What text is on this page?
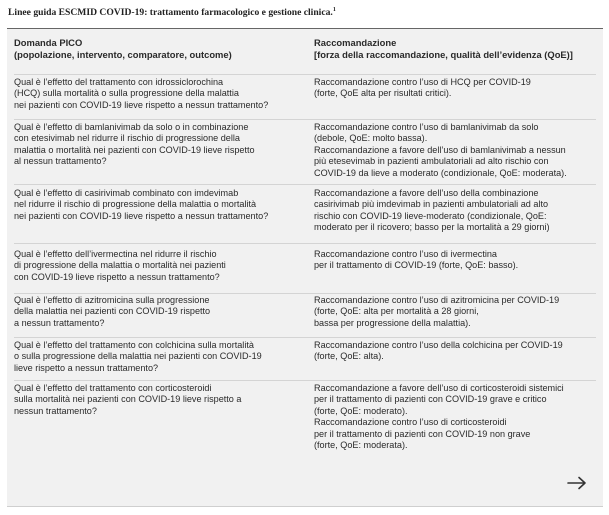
Linee guida ESCMID COVID-19: trattamento farmacologico e gestione clinica.$^1$
Domanda PICO
(popolazione, intervento, comparatore, outcome)
Raccomandazione
[forza della raccomandazione, qualità dell’evidenza (QoE)]
Qual è l’effetto del trattamento con idrossiclorochina
(HCQ) sulla mortalità o sulla progressione della malattia
nei pazienti con COVID-19 lieve rispetto a nessun trattamento?
Raccomandazione contro l’uso di HCQ per COVID-19
(forte, QoE alta per risultati critici).
Qual è l’effetto di bamlanivimab da solo o in combinazione
con etesivimab nel ridurre il rischio di progressione della
malattia o mortalità nei pazienti con COVID-19 lieve rispetto
al nessun trattamento?
Raccomandazione contro l’uso di bamlanivimab da solo
(debole, QoE: molto bassa).
Raccomandazione a favore dell’uso di bamlanivimab a nessun
più etesevimab in pazienti ambulatoriali ad alto rischio con
COVID-19 da lieve a moderato (condizionale, QoE: moderata).
Qual è l’effetto di casirivimab combinato con imdevimab
nel ridurre il rischio di progressione della malattia o mortalità
nei pazienti con COVID-19 lieve rispetto a nessun trattamento?
Raccomandazione a favore dell’uso della combinazione
casirivimab più imdevimab in pazienti ambulatoriali ad alto
rischio con COVID-19 lieve-moderato (condizionale, QoE:
moderato per il ricovero; basso per la mortalità a 29 giorni)
Qual è l’effetto dell’ivermectina nel ridurre il rischio
di progressione della malattia o mortalità nei pazienti
con COVID-19 lieve rispetto a nessun trattamento?
Raccomandazione contro l’uso di ivermectina
per il trattamento di COVID-19 (forte, QoE: basso).
Qual è l’effetto di azitromicina sulla progressione
della malattia nei pazienti con COVID-19 rispetto
a nessun trattamento?
Raccomandazione contro l’uso di azitromicina per COVID-19
(forte, QoE: alta per mortalità a 28 giorni,
bassa per progressione della malattia).
Qual è l’effetto del trattamento con colchicina sulla mortalità
o sulla progressione della malattia nei pazienti con COVID-19
lieve rispetto a nessun trattamento?
Raccomandazione contro l’uso della colchicina per COVID-19
(forte, QoE: alta).
Qual è l’effetto del trattamento con corticosteroidi
sulla mortalità nei pazienti con COVID-19 lieve rispetto a
nessun trattamento?
Raccomandazione a favore dell’uso di corticosteroidi sistemici
per il trattamento di pazienti con COVID-19 grave e critico
(forte, QoE: moderato).
Raccomandazione contro l’uso di corticosteroidi
per il trattamento di pazienti con COVID-19 non grave
(forte, QoE: moderata).
